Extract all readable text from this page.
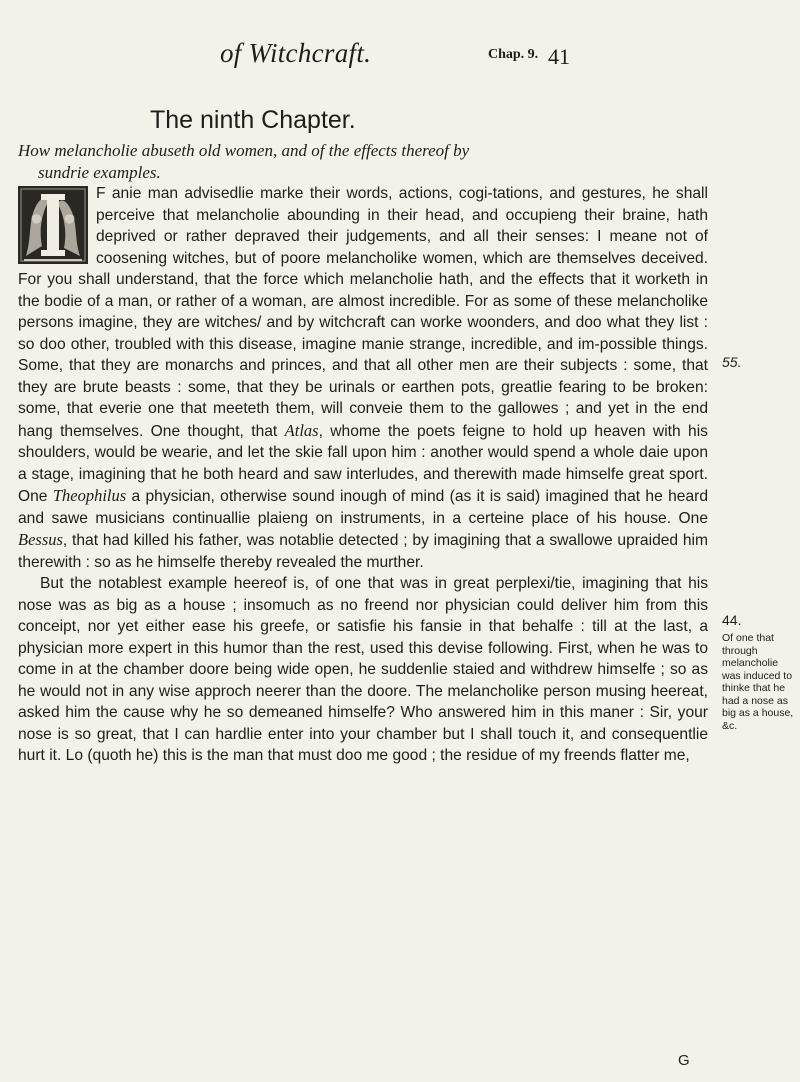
of Witchcraft.	Chap. 9. 41
The ninth Chapter.
How melancholie abuseth old women, and of the effects thereof by
sundrie examples.

F anie man advisedlie marke their words, actions, cogi-tations, and gestures, he shall perceive that melancholie abounding in their head, and occupieng their braine, hath deprived or rather depraved their judgements, and all their senses: I meane not of coosening witches, but of poore melancholike women, which are themselves deceived. For you shall understand, that the force which melancholie hath, and the effects that it worketh in the bodie of a man, or rather of a woman, are almost incredible. For as some of these melancholike persons imagine, they are witches/ and by witchcraft can worke woonders, and doo what they list : so doo other, troubled with this disease, imagine manie strange, incredible, and im-possible things. Some, that they are monarchs and princes, and that all other men are their subjects : some, that they are brute beasts : some, that they be urinals or earthen pots, greatlie fearing to be broken: some, that everie one that meeteth them, will conveie them to the gallowes ; and yet in the end hang themselves. One thought, that Atlas, whome the poets feigne to hold up heaven with his shoulders, would be wearie, and let the skie fall upon him : another would spend a whole daie upon a stage, imagining that he both heard and saw interludes, and therewith made himselfe great sport. One Theophilus a physician, otherwise sound inough of mind (as it is said) imagined that he heard and sawe musicians continuallie plaieng on instruments, in a certeine place of his house. One Bessus, that had killed his father, was notablie detected ; by imagining that a swallowe upraided him therewith : so as he himselfe thereby revealed the murther.

But the notablest example heereof is, of one that was in great perplexi/tie, imagining that his nose was as big as a house ; insomuch as no freend nor physician could deliver him from this conceipt, nor yet either ease his greefe, or satisfie his fansie in that behalfe : till at the last, a physician more expert in this humor than the rest, used this devise following. First, when he was to come in at the chamber doore being wide open, he suddenlie staied and withdrew himselfe ; so as he would not in any wise approch neerer than the doore. The melancholike person musing heereat, asked him the cause why he so demeaned himselfe? Who answered him in this maner : Sir, your nose is so great, that I can hardlie enter into your chamber but I shall touch it, and consequentlie hurt it. Lo (quoth he) this is the man that must doo me good ; the residue of my freends flatter me,

55.
44.
Of one that through melancholie was induced to thinke that he had a nose as big as a house, &c.
G
